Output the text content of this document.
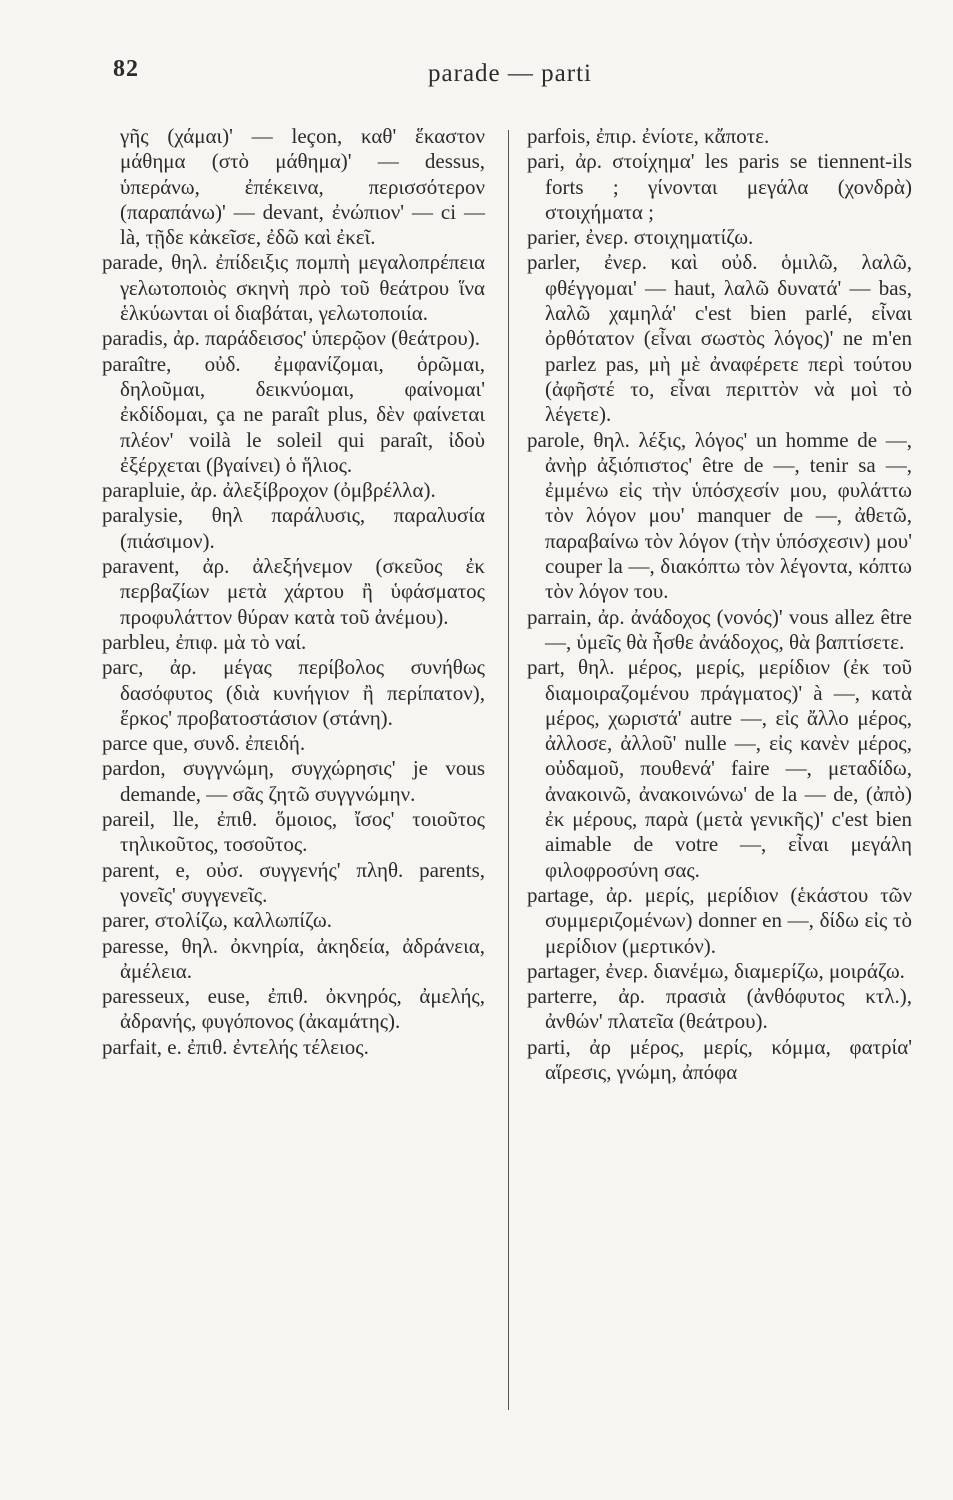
82	parade — parti

γῆς (χάμαι)' — leçon, καθ' ἕκαστον μάθημα (στὸ μάθημα)' — dessus, ὑπεράνω, ἐπέκεινα, περισσότερον (παραπάνω)' — devant, ἐνώπιον' — ci — là, τῇδε κἀκεῖσε, ἐδῶ καὶ ἐκεῖ.

parade, θηλ. ἐπίδειξις πομπὴ μεγαλοπρέπεια γελωτοποιὸς σκηνὴ πρὸ τοῦ θεάτρου ἵνα ἑλκύωνται οἱ διαβάται, γελωτοποιία.

paradis, ἀρ. παράδεισος' ὑπερῷον (θεάτρου).

paraître, οὐδ. ἐμφανίζομαι, ὁρῶμαι, δηλοῦμαι, δεικνύομαι, φαίνομαι' ἐκδίδομαι, ça ne paraît plus, δὲν φαίνεται πλέον' voilà le soleil qui paraît, ἰδοὺ ἐξέρχεται (βγαίνει) ὁ ἥλιος.

parapluie, ἀρ. ἀλεξίβροχον (ὀμβρέλλα).

paralysie, θηλ παράλυσις, παραλυσία (πιάσιμον).

paravent, ἀρ. ἀλεξήνεμον (σκεῦος ἐκ περβαζίων μετὰ χάρτου ἢ ὑφάσματος προφυλάττον θύραν κατὰ τοῦ ἀνέμου).

parbleu, ἐπιφ. μὰ τὸ ναί.

parc, ἀρ. μέγας περίβολος συνήθως δασόφυτος (διὰ κυνήγιον ἢ περίπατον), ἕρκος' προβατοστάσιον (στάνη).

parce que, συνδ. ἐπειδή.

pardon, συγγνώμη, συγχώρησις' je vous demande, — σᾶς ζητῶ συγγνώμην.

pareil, lle, ἐπιθ. ὅμοιος, ἴσος' τοιοῦτος τηλικοῦτος, τοσοῦτος.

parent, e, οὐσ. συγγενής' πληθ. parents, γονεῖς' συγγενεῖς.

parer, στολίζω, καλλωπίζω.

paresse, θηλ. ὀκνηρία, ἀκηδεία, ἀδράνεια, ἀμέλεια.

paresseux, euse, ἐπιθ. ὀκνηρός, ἀμελής, ἀδρανής, φυγόπονος (ἀκαμάτης).

parfait, e. ἐπιθ. ἐντελής τέλειος.

parfois, ἐπιρ. ἐνίοτε, κἄποτε.

pari, ἀρ. στοίχημα' les paris se tiennent-ils forts ; γίνονται μεγάλα (χονδρὰ) στοιχήματα ;

parier, ἐνερ. στοιχηματίζω.

parler, ἐνερ. καὶ οὐδ. ὁμιλῶ, λαλῶ, φθέγγομαι' — haut, λαλῶ δυνατά' — bas, λαλῶ χαμηλά' c'est bien parlé, εἶναι ὀρθότατον (εἶναι σωστὸς λόγος)' ne m'en parlez pas, μὴ μὲ ἀναφέρετε περὶ τούτου (ἀφῆστέ το, εἶναι περιττὸν νὰ μοὶ τὸ λέγετε).

parole, θηλ. λέξις, λόγος' un homme de —, ἀνὴρ ἀξιόπιστος' être de —, tenir sa —, ἐμμένω εἰς τὴν ὑπόσχεσίν μου, φυλάττω τὸν λόγον μου' manquer de —, ἀθετῶ, παραβαίνω τὸν λόγον (τὴν ὑπόσχεσιν) μου' couper la —, διακόπτω τὸν λέγοντα, κόπτω τὸν λόγον του.

parrain, ἀρ. ἀνάδοχος (νονός)' vous allez être —, ὑμεῖς θὰ ἦσθε ἀνάδοχος, θὰ βαπτίσετε.

part, θηλ. μέρος, μερίς, μερίδιον (ἐκ τοῦ διαμοιραζομένου πράγματος)' à —, κατὰ μέρος, χωριστά' autre —, εἰς ἄλλο μέρος, ἀλλοσε, ἀλλοῦ' nulle —, εἰς κανὲν μέρος, οὐδαμοῦ, πουθενά' faire —, μεταδίδω, ἀνακοινῶ, ἀνακοινώνω' de la — de, (ἀπὸ) ἐκ μέρους, παρὰ (μετὰ γενικῆς)' c'est bien aimable de votre —, εἶναι μεγάλη φιλοφροσύνη σας.

partage, ἀρ. μερίς, μερίδιον (ἑκάστου τῶν συμμεριζομένων) donner en —, δίδω εἰς τὸ μερίδιον (μερτικόν).

partager, ἐνερ. διανέμω, διαμερίζω, μοιράζω.

parterre, ἀρ. πρασιὰ (ἀνθόφυτος κτλ.), ἀνθών' πλατεῖα (θεάτρου).

parti, ἀρ μέρος, μερίς, κόμμα, φατρία' αἵρεσις, γνώμη, ἀπόφα
